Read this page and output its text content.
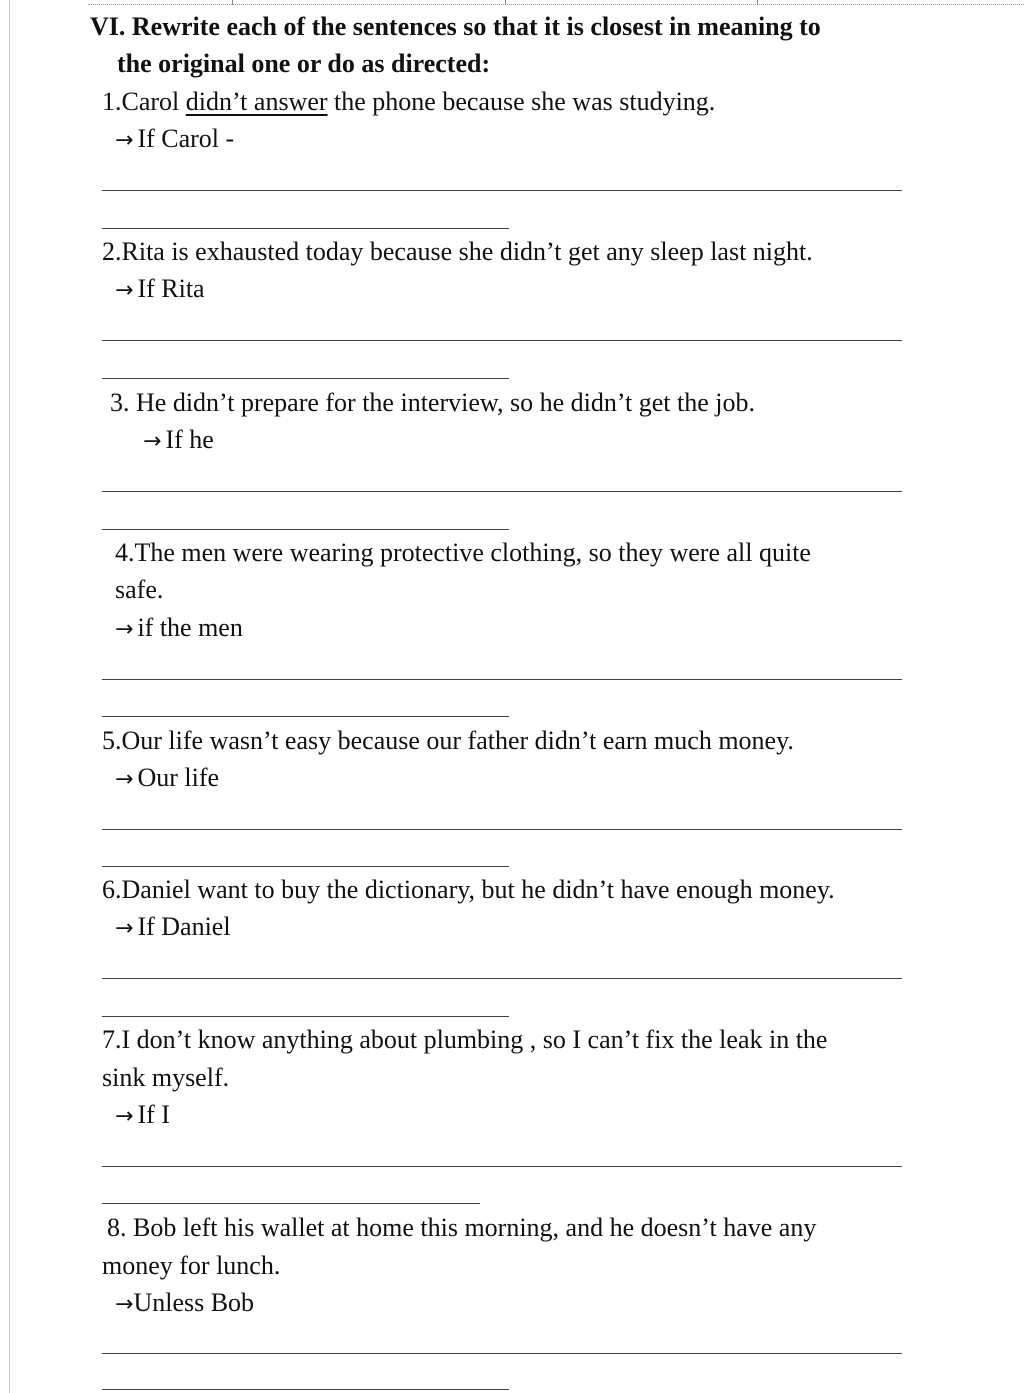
VI. Rewrite each of the sentences so that it is closest in meaning to
the original one or do as directed:
1.Carol didn’t answer the phone because she was studying.
→ If Carol -
2.Rita is exhausted today because she didn’t get any sleep last night.
→ If Rita
3. He didn’t prepare for the interview, so he didn’t get the job.
→ If he
4.The men were wearing protective clothing, so they were all quite
safe.
→ if the men
5.Our life wasn’t easy because our father didn’t earn much money.
→ Our life
6.Daniel want to buy the dictionary, but he didn’t have enough money.
→ If Daniel
7.I don’t know anything about plumbing , so I can’t fix the leak in the
sink myself.
→ If I
8. Bob left his wallet at home this morning, and he doesn’t have any
money for lunch.
→Unless Bob
